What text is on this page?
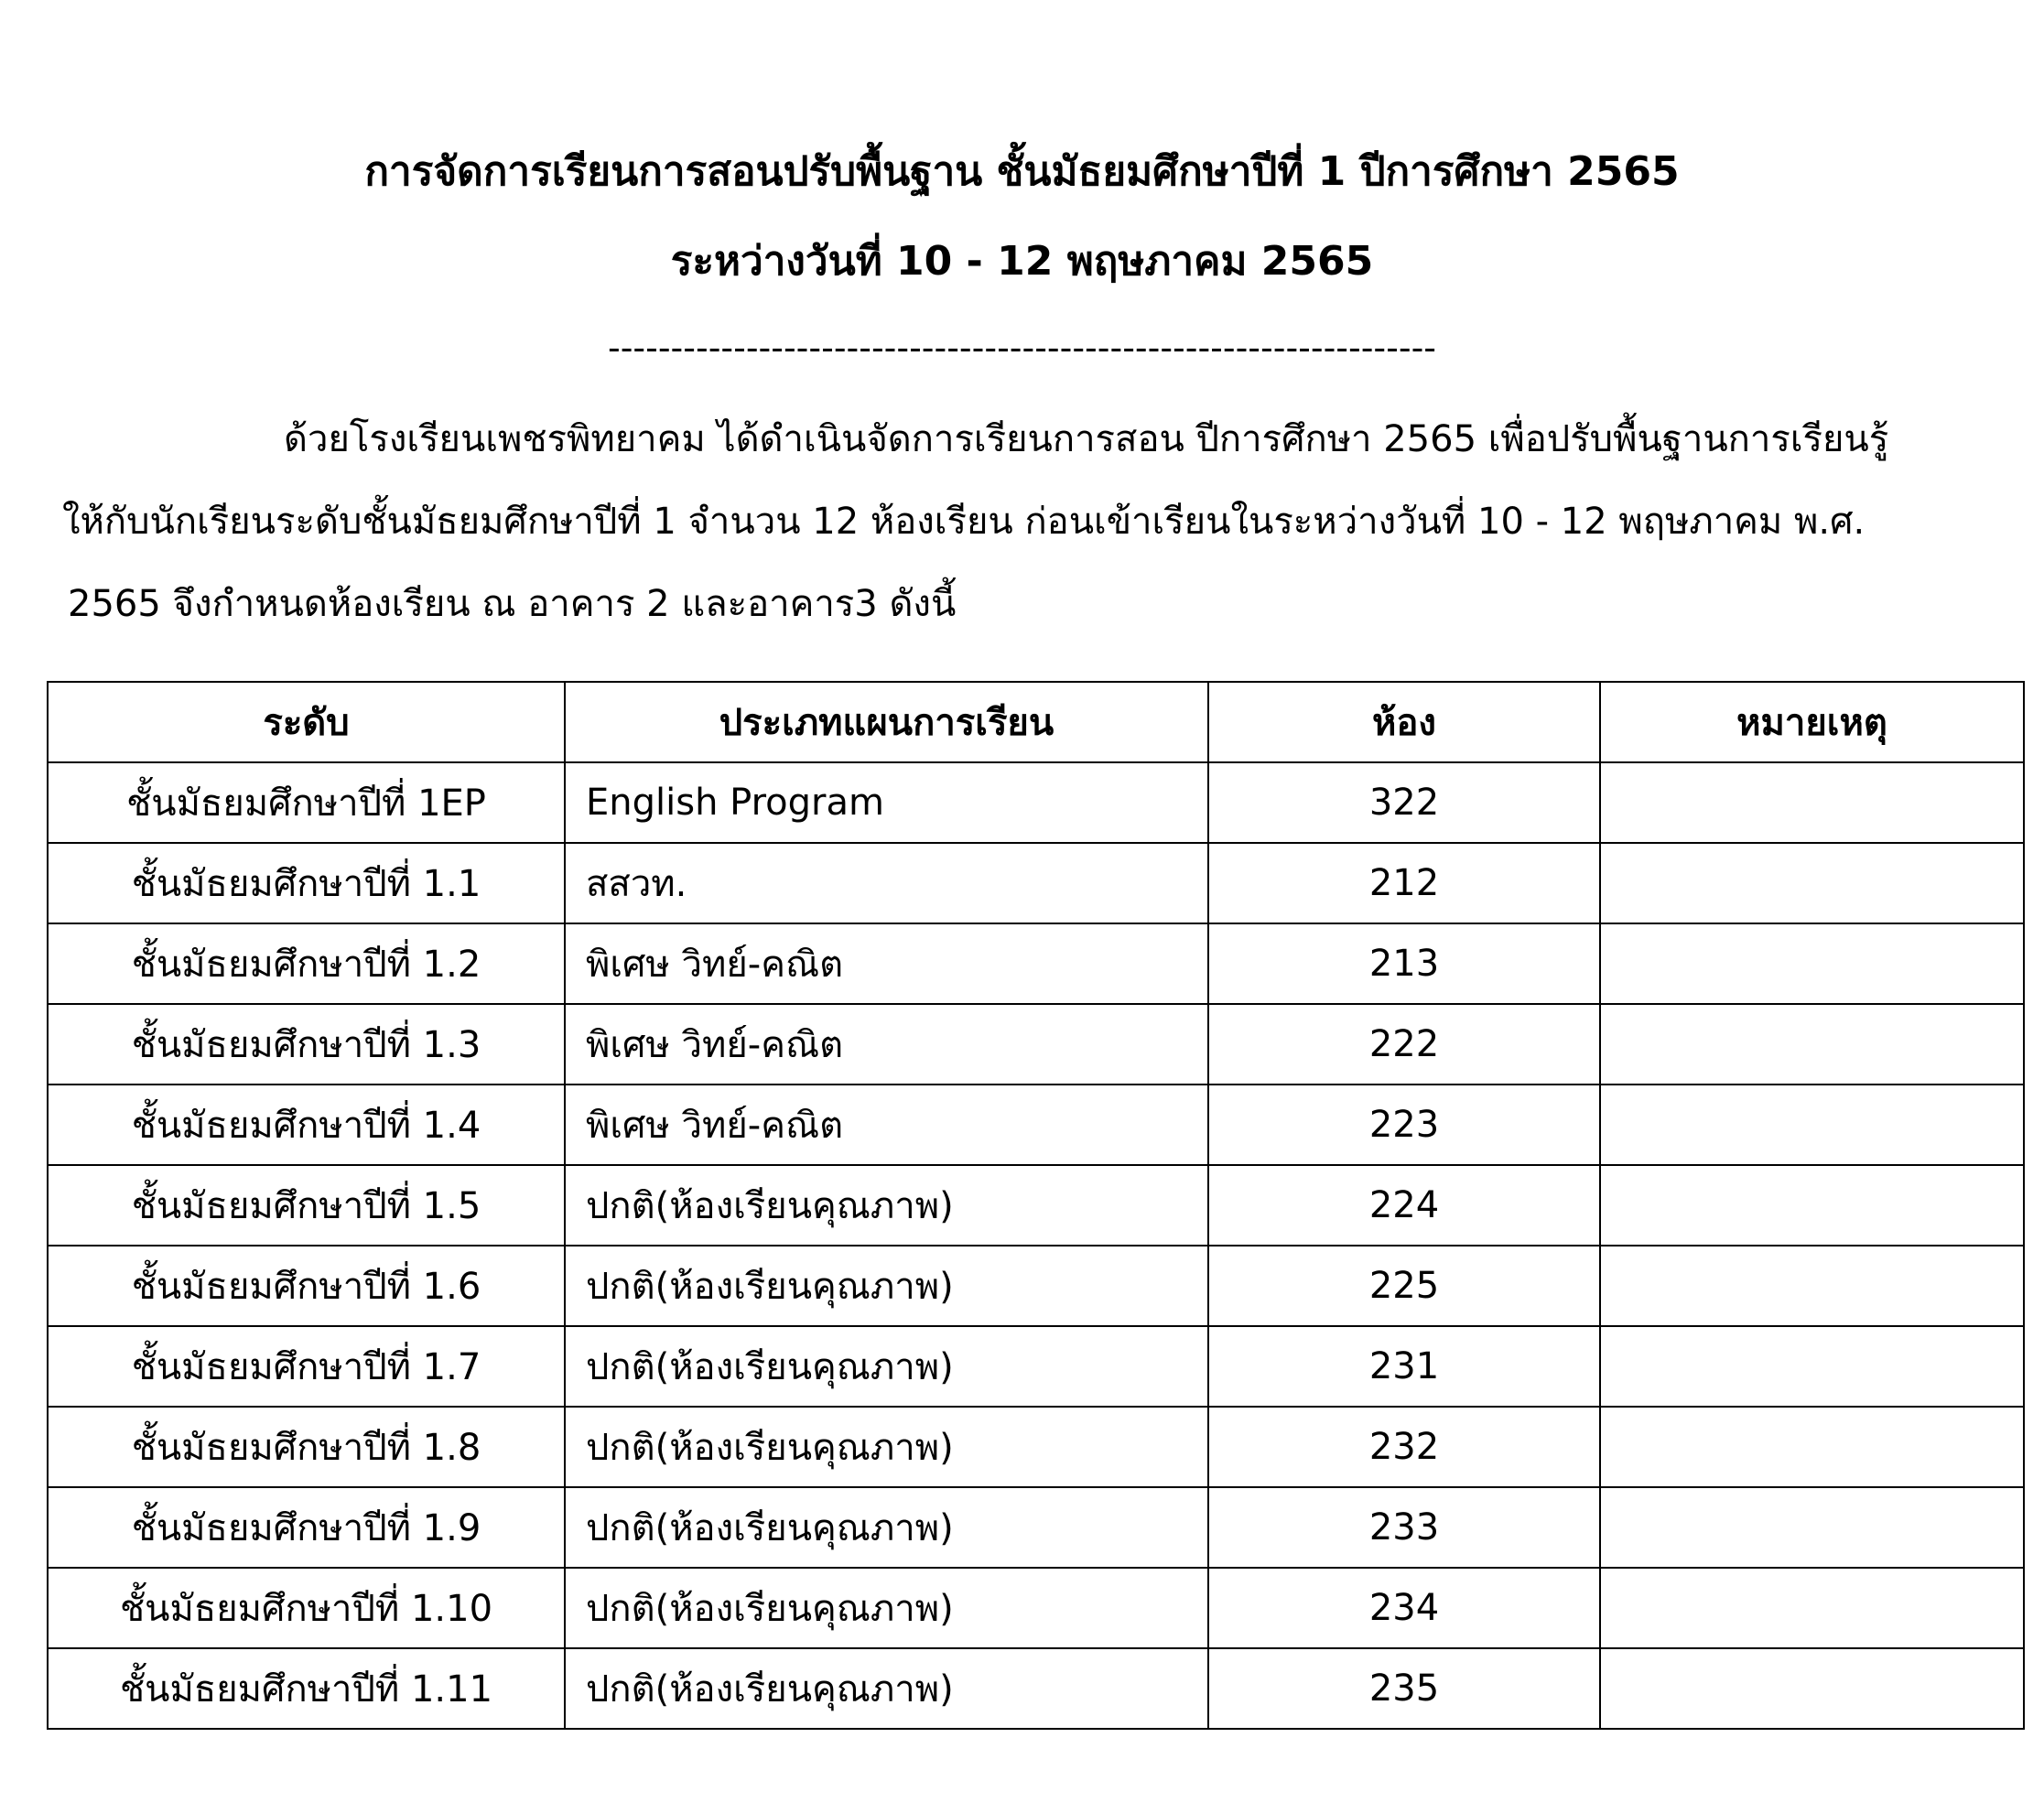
การจัดการเรียนการสอนปรับพื้นฐาน ชั้นมัธยมศึกษาปีที่ 1 ปีการศึกษา 2565
ระหว่างวันที่ 10 - 12 พฤษภาคม 2565
------------------------------------------------------------------
ด้วยโรงเรียนเพชรพิทยาคม ได้ดำเนินจัดการเรียนการสอน ปีการศึกษา 2565 เพื่อปรับพื้นฐานการเรียนรู้
ให้กับนักเรียนระดับชั้นมัธยมศึกษาปีที่ 1 จำนวน 12 ห้องเรียน ก่อนเข้าเรียนในระหว่างวันที่ 10 - 12 พฤษภาคม พ.ศ.
2565 จึงกำหนดห้องเรียน ณ อาคาร 2 และอาคาร3 ดังนี้
ระดับ	ประเภทแผนการเรียน	ห้อง	หมายเหตุ
ชั้นมัธยมศึกษาปีที่ 1EP	English Program	322	
ชั้นมัธยมศึกษาปีที่ 1.1	สสวท.	212	
ชั้นมัธยมศึกษาปีที่ 1.2	พิเศษ วิทย์-คณิต	213	
ชั้นมัธยมศึกษาปีที่ 1.3	พิเศษ วิทย์-คณิต	222	
ชั้นมัธยมศึกษาปีที่ 1.4	พิเศษ วิทย์-คณิต	223	
ชั้นมัธยมศึกษาปีที่ 1.5	ปกติ(ห้องเรียนคุณภาพ)	224	
ชั้นมัธยมศึกษาปีที่ 1.6	ปกติ(ห้องเรียนคุณภาพ)	225	
ชั้นมัธยมศึกษาปีที่ 1.7	ปกติ(ห้องเรียนคุณภาพ)	231	
ชั้นมัธยมศึกษาปีที่ 1.8	ปกติ(ห้องเรียนคุณภาพ)	232	
ชั้นมัธยมศึกษาปีที่ 1.9	ปกติ(ห้องเรียนคุณภาพ)	233	
ชั้นมัธยมศึกษาปีที่ 1.10	ปกติ(ห้องเรียนคุณภาพ)	234	
ชั้นมัธยมศึกษาปีที่ 1.11	ปกติ(ห้องเรียนคุณภาพ)	235	
